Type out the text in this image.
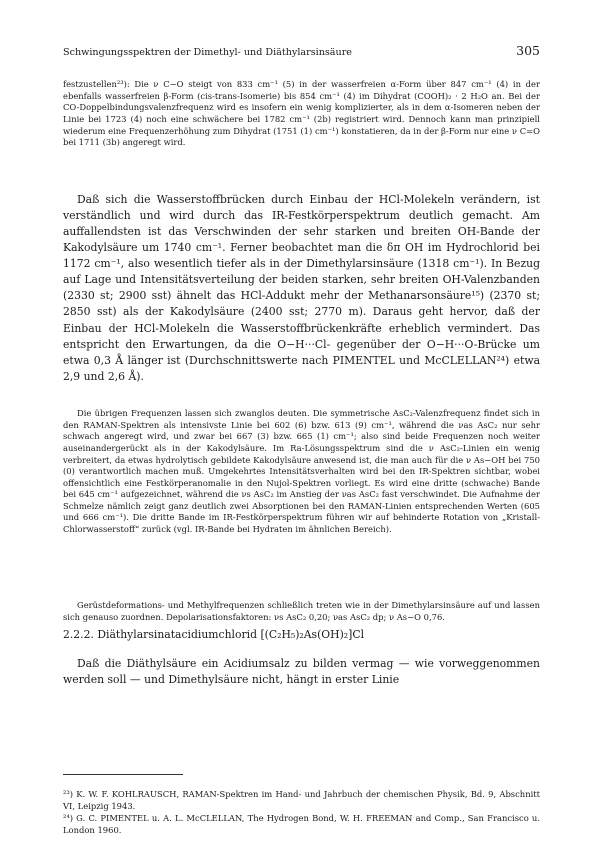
Schwingungsspektren der Dimethyl- und Diäthylarsinsäure	305

festzustellen²³): Die ν C−O steigt von 833 cm⁻¹ (5) in der wasserfreien α-Form über 847 cm⁻¹ (4) in der ebenfalls wasserfreien β-Form (cis-trans-Isomerie) bis 854 cm⁻¹ (4) im Dihydrat (COOH)₂ · 2 H₂O an. Bei der CO-Doppelbindungsvalenzfrequenz wird es insofern ein wenig komplizierter, als in dem α-Isomeren neben der Linie bei 1723 (4) noch eine schwächere bei 1782 cm⁻¹ (2b) registriert wird. Dennoch kann man prinzipiell wiederum eine Frequenzerhöhung zum Dihydrat (1751 (1) cm⁻¹) konstatieren, da in der β-Form nur eine ν C=O bei 1711 (3b) angeregt wird.

Daß sich die Wasserstoffbrücken durch Einbau der HCl-Molekeln verändern, ist verständlich und wird durch das IR-Festkörperspektrum deutlich gemacht. Am auffallendsten ist das Verschwinden der sehr starken und breiten OH-Bande der Kakodylsäure um 1740 cm⁻¹. Ferner beobachtet man die δπ OH im Hydrochlorid bei 1172 cm⁻¹, also wesentlich tiefer als in der Dimethylarsinsäure (1318 cm⁻¹). In Bezug auf Lage und Intensitätsverteilung der beiden starken, sehr breiten OH-Valenzbanden (2330 st; 2900 sst) ähnelt das HCl-Addukt mehr der Methanarsonsäure¹⁵) (2370 st; 2850 sst) als der Kakodylsäure (2400 sst; 2770 m). Daraus geht hervor, daß der Einbau der HCl-Molekeln die Wasserstoffbrückenkräfte erheblich vermindert. Das entspricht den Erwartungen, da die O−H···Cl- gegenüber der O−H···O-Brücke um etwa 0,3 Å länger ist (Durchschnittswerte nach PIMENTEL und McCLELLAN²⁴) etwa 2,9 und 2,6 Å).

Die übrigen Frequenzen lassen sich zwanglos deuten. Die symmetrische AsC₂-Valenzfrequenz findet sich in den RAMAN-Spektren als intensivste Linie bei 602 (6) bzw. 613 (9) cm⁻¹, während die νas AsC₂ nur sehr schwach angeregt wird, und zwar bei 667 (3) bzw. 665 (1) cm⁻¹; also sind beide Frequenzen noch weiter auseinandergerückt als in der Kakodylsäure. Im Ra-Lösungsspektrum sind die ν AsC₂-Linien ein wenig verbreitert, da etwas hydrolytisch gebildete Kakodylsäure anwesend ist, die man auch für die ν As−OH bei 750 (0) verantwortlich machen muß. Umgekehrtes Intensitätsverhalten wird bei den IR-Spektren sichtbar, wobei offensichtlich eine Festkörperanomalie in den Nujol-Spektren vorliegt. Es wird eine dritte (schwache) Bande bei 645 cm⁻¹ aufgezeichnet, während die νs AsC₂ im Anstieg der νas AsC₂ fast verschwindet. Die Aufnahme der Schmelze nämlich zeigt ganz deutlich zwei Absorptionen bei den RAMAN-Linien entsprechenden Werten (605 und 666 cm⁻¹). Die dritte Bande im IR-Festkörperspektrum führen wir auf behinderte Rotation von „Kristall-Chlorwasserstoff“ zurück (vgl. IR-Bande bei Hydraten im ähnlichen Bereich).

Gerüstdeformations- und Methylfrequenzen schließlich treten wie in der Dimethylarsinsäure auf und lassen sich genauso zuordnen. Depolarisationsfaktoren: νs AsC₂ 0,20; νas AsC₂ dp; ν As−O 0,76.

2.2.2. Diäthylarsinatacidiumchlorid [(C₂H₅)₂As(OH)₂]Cl

Daß die Diäthylsäure ein Acidiumsalz zu bilden vermag — wie vorweggenommen werden soll — und Dimethylsäure nicht, hängt in erster Linie

²³) K. W. F. KOHLRAUSCH, RAMAN-Spektren im Hand- und Jahrbuch der chemischen Physik, Bd. 9, Abschnitt VI, Leipzig 1943.

²⁴) G. C. PIMENTEL u. A. L. McCLELLAN, The Hydrogen Bond, W. H. FREEMAN and Comp., San Francisco u. London 1960.
